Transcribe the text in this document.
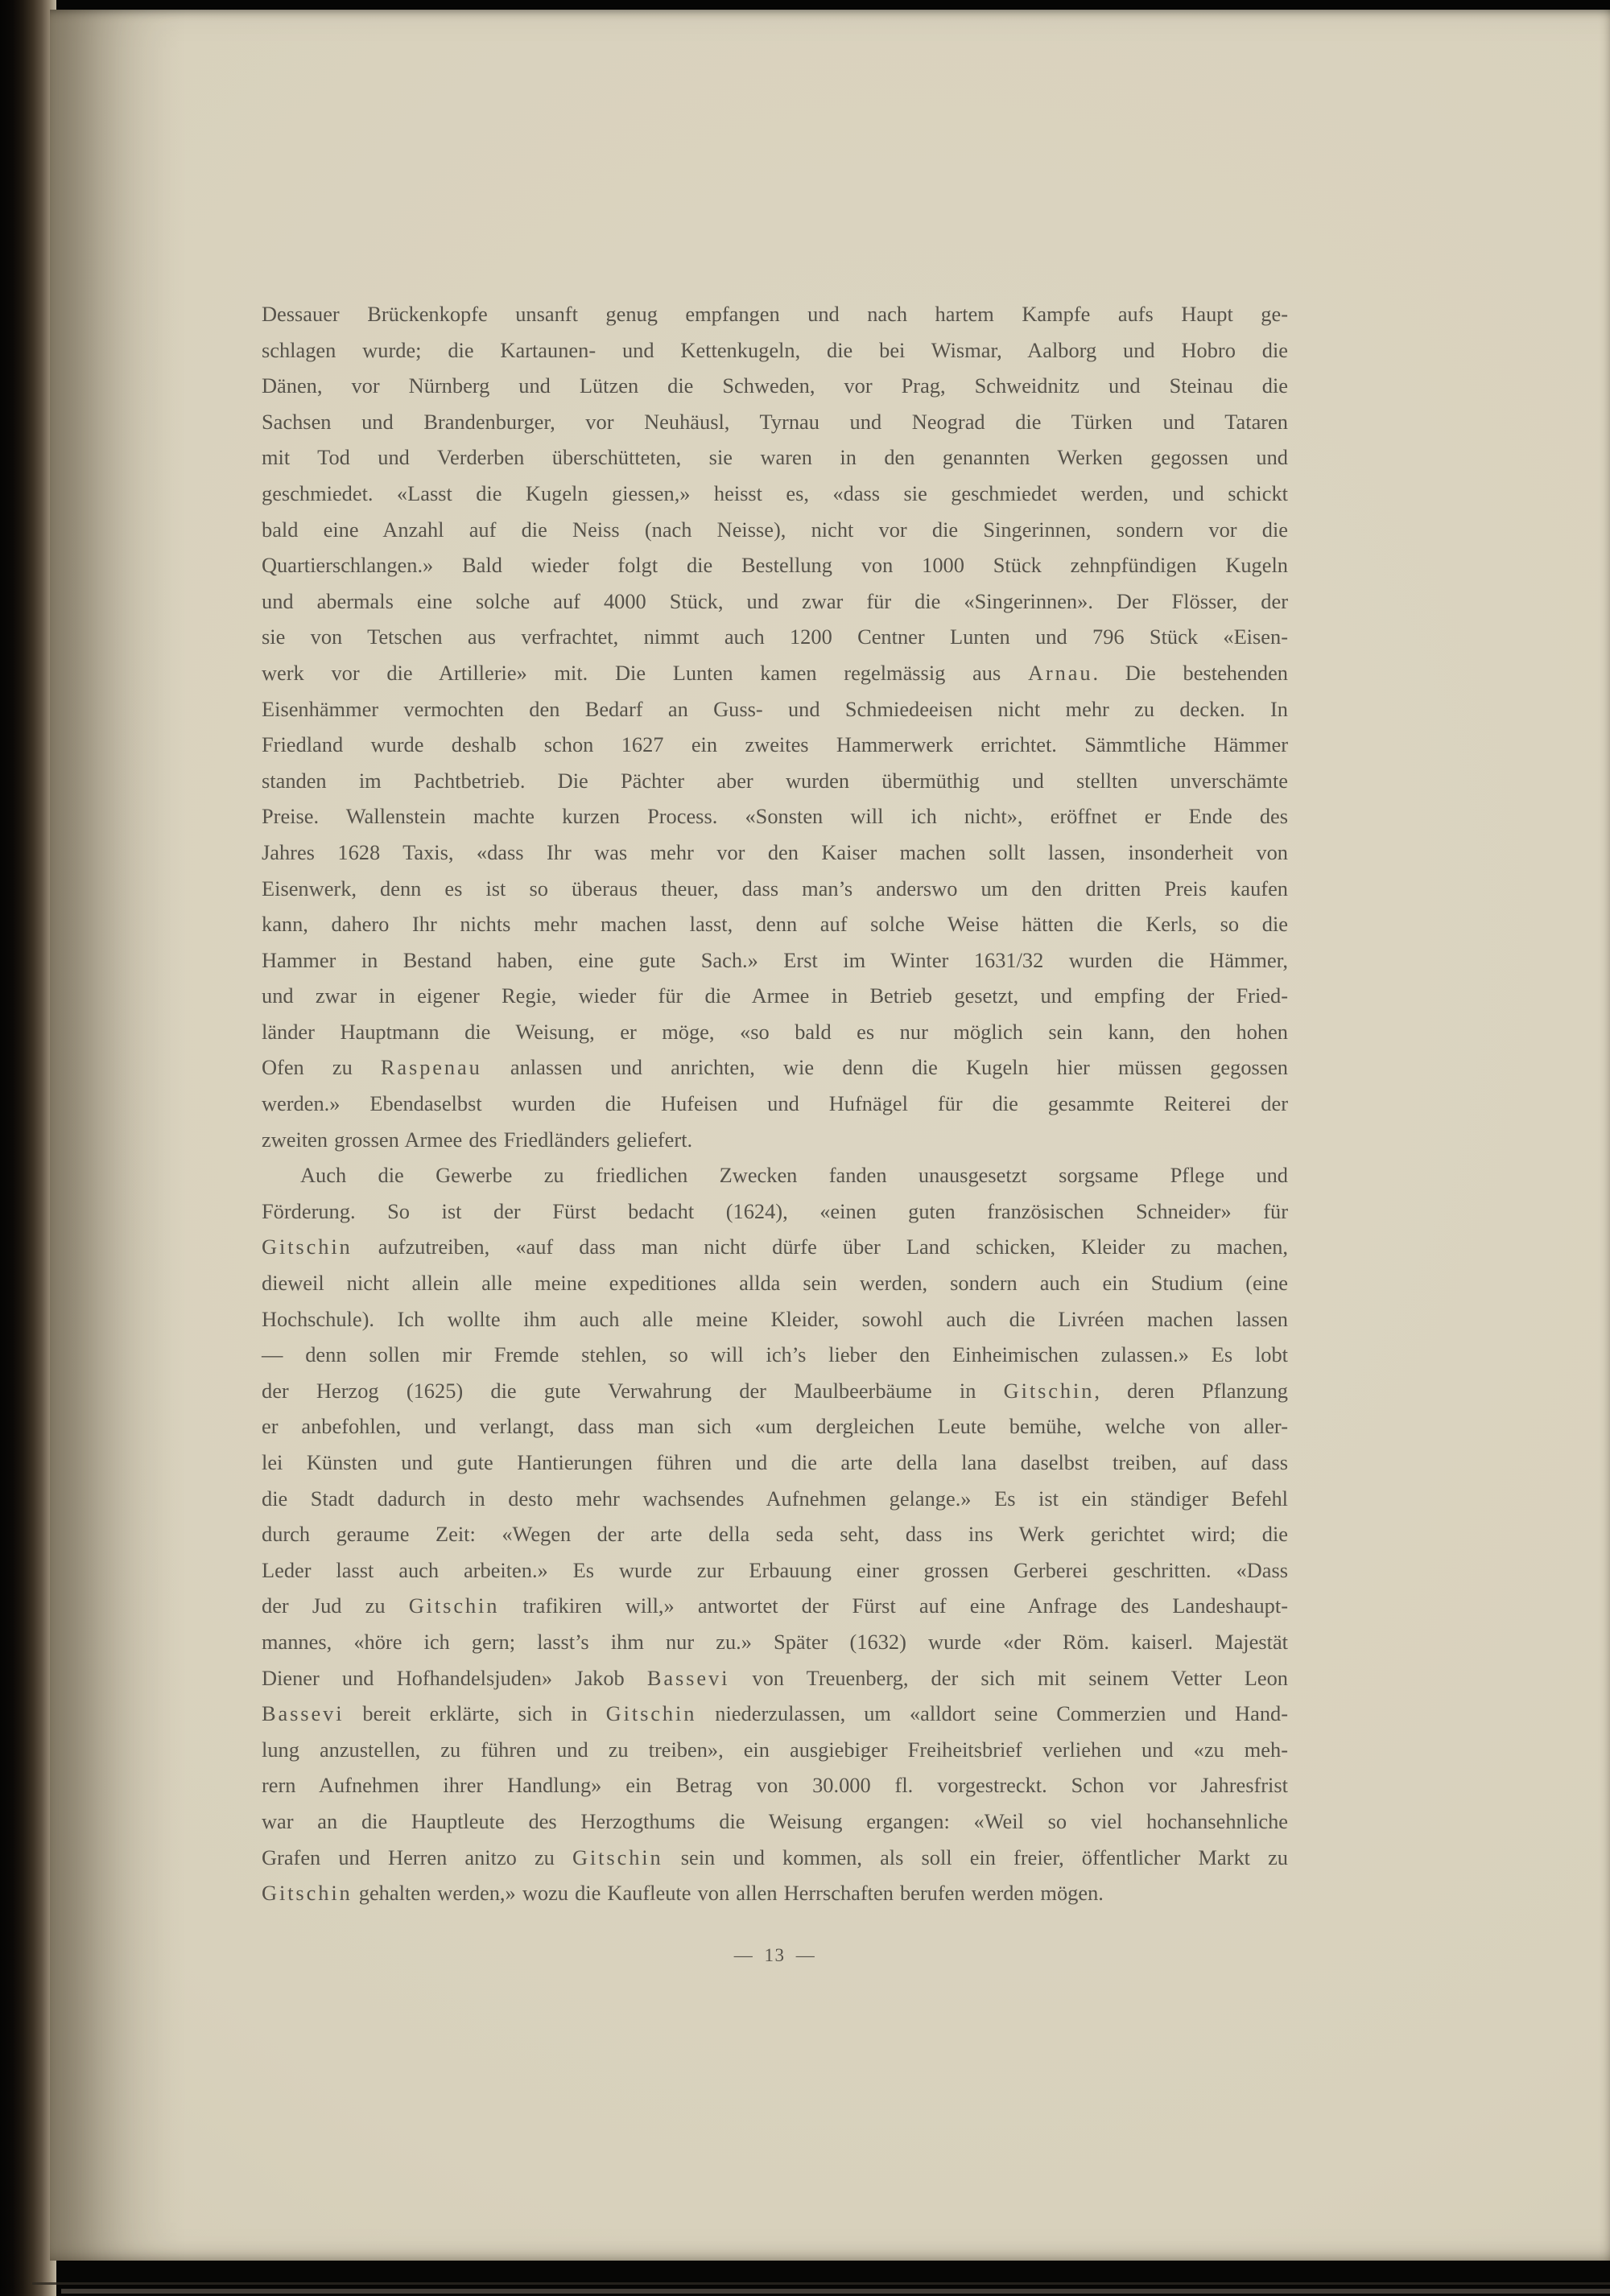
Dessauer Brückenkopfe unsanft genug empfangen und nach hartem Kampfe aufs Haupt ge-
schlagen wurde; die Kartaunen- und Kettenkugeln, die bei Wismar, Aalborg und Hobro die
Dänen, vor Nürnberg und Lützen die Schweden, vor Prag, Schweidnitz und Steinau die
Sachsen und Brandenburger, vor Neuhäusl, Tyrnau und Neograd die Türken und Tataren
mit Tod und Verderben überschütteten, sie waren in den genannten Werken gegossen und
geschmiedet. «Lasst die Kugeln giessen,» heisst es, «dass sie geschmiedet werden, und schickt
bald eine Anzahl auf die Neiss (nach Neisse), nicht vor die Singerinnen, sondern vor die
Quartierschlangen.» Bald wieder folgt die Bestellung von 1000 Stück zehnpfündigen Kugeln
und abermals eine solche auf 4000 Stück, und zwar für die «Singerinnen». Der Flösser, der
sie von Tetschen aus verfrachtet, nimmt auch 1200 Centner Lunten und 796 Stück «Eisen-
werk vor die Artillerie» mit. Die Lunten kamen regelmässig aus Arnau. Die bestehenden
Eisenhämmer vermochten den Bedarf an Guss- und Schmiedeeisen nicht mehr zu decken. In
Friedland wurde deshalb schon 1627 ein zweites Hammerwerk errichtet. Sämmtliche Hämmer
standen im Pachtbetrieb. Die Pächter aber wurden übermüthig und stellten unverschämte
Preise. Wallenstein machte kurzen Process. «Sonsten will ich nicht», eröffnet er Ende des
Jahres 1628 Taxis, «dass Ihr was mehr vor den Kaiser machen sollt lassen, insonderheit von
Eisenwerk, denn es ist so überaus theuer, dass man’s anderswo um den dritten Preis kaufen
kann, dahero Ihr nichts mehr machen lasst, denn auf solche Weise hätten die Kerls, so die
Hammer in Bestand haben, eine gute Sach.» Erst im Winter 1631/32 wurden die Hämmer,
und zwar in eigener Regie, wieder für die Armee in Betrieb gesetzt, und empfing der Fried-
länder Hauptmann die Weisung, er möge, «so bald es nur möglich sein kann, den hohen
Ofen zu Raspenau anlassen und anrichten, wie denn die Kugeln hier müssen gegossen
werden.» Ebendaselbst wurden die Hufeisen und Hufnägel für die gesammte Reiterei der
zweiten grossen Armee des Friedländers geliefert.
Auch die Gewerbe zu friedlichen Zwecken fanden unausgesetzt sorgsame Pflege und
Förderung. So ist der Fürst bedacht (1624), «einen guten französischen Schneider» für
Gitschin aufzutreiben, «auf dass man nicht dürfe über Land schicken, Kleider zu machen,
dieweil nicht allein alle meine expeditiones allda sein werden, sondern auch ein Studium (eine
Hochschule). Ich wollte ihm auch alle meine Kleider, sowohl auch die Livréen machen lassen
— denn sollen mir Fremde stehlen, so will ich’s lieber den Einheimischen zulassen.» Es lobt
der Herzog (1625) die gute Verwahrung der Maulbeerbäume in Gitschin, deren Pflanzung
er anbefohlen, und verlangt, dass man sich «um dergleichen Leute bemühe, welche von aller-
lei Künsten und gute Hantierungen führen und die arte della lana daselbst treiben, auf dass
die Stadt dadurch in desto mehr wachsendes Aufnehmen gelange.» Es ist ein ständiger Befehl
durch geraume Zeit: «Wegen der arte della seda seht, dass ins Werk gerichtet wird; die
Leder lasst auch arbeiten.» Es wurde zur Erbauung einer grossen Gerberei geschritten. «Dass
der Jud zu Gitschin trafikiren will,» antwortet der Fürst auf eine Anfrage des Landeshaupt-
mannes, «höre ich gern; lasst’s ihm nur zu.» Später (1632) wurde «der Röm. kaiserl. Majestät
Diener und Hofhandelsjuden» Jakob Bassevi von Treuenberg, der sich mit seinem Vetter Leon
Bassevi bereit erklärte, sich in Gitschin niederzulassen, um «alldort seine Commerzien und Hand-
lung anzustellen, zu führen und zu treiben», ein ausgiebiger Freiheitsbrief verliehen und «zu meh-
rern Aufnehmen ihrer Handlung» ein Betrag von 30.000 fl. vorgestreckt. Schon vor Jahresfrist
war an die Hauptleute des Herzogthums die Weisung ergangen: «Weil so viel hochansehnliche
Grafen und Herren anitzo zu Gitschin sein und kommen, als soll ein freier, öffentlicher Markt zu
Gitschin gehalten werden,» wozu die Kaufleute von allen Herrschaften berufen werden mögen.
— 13 —
